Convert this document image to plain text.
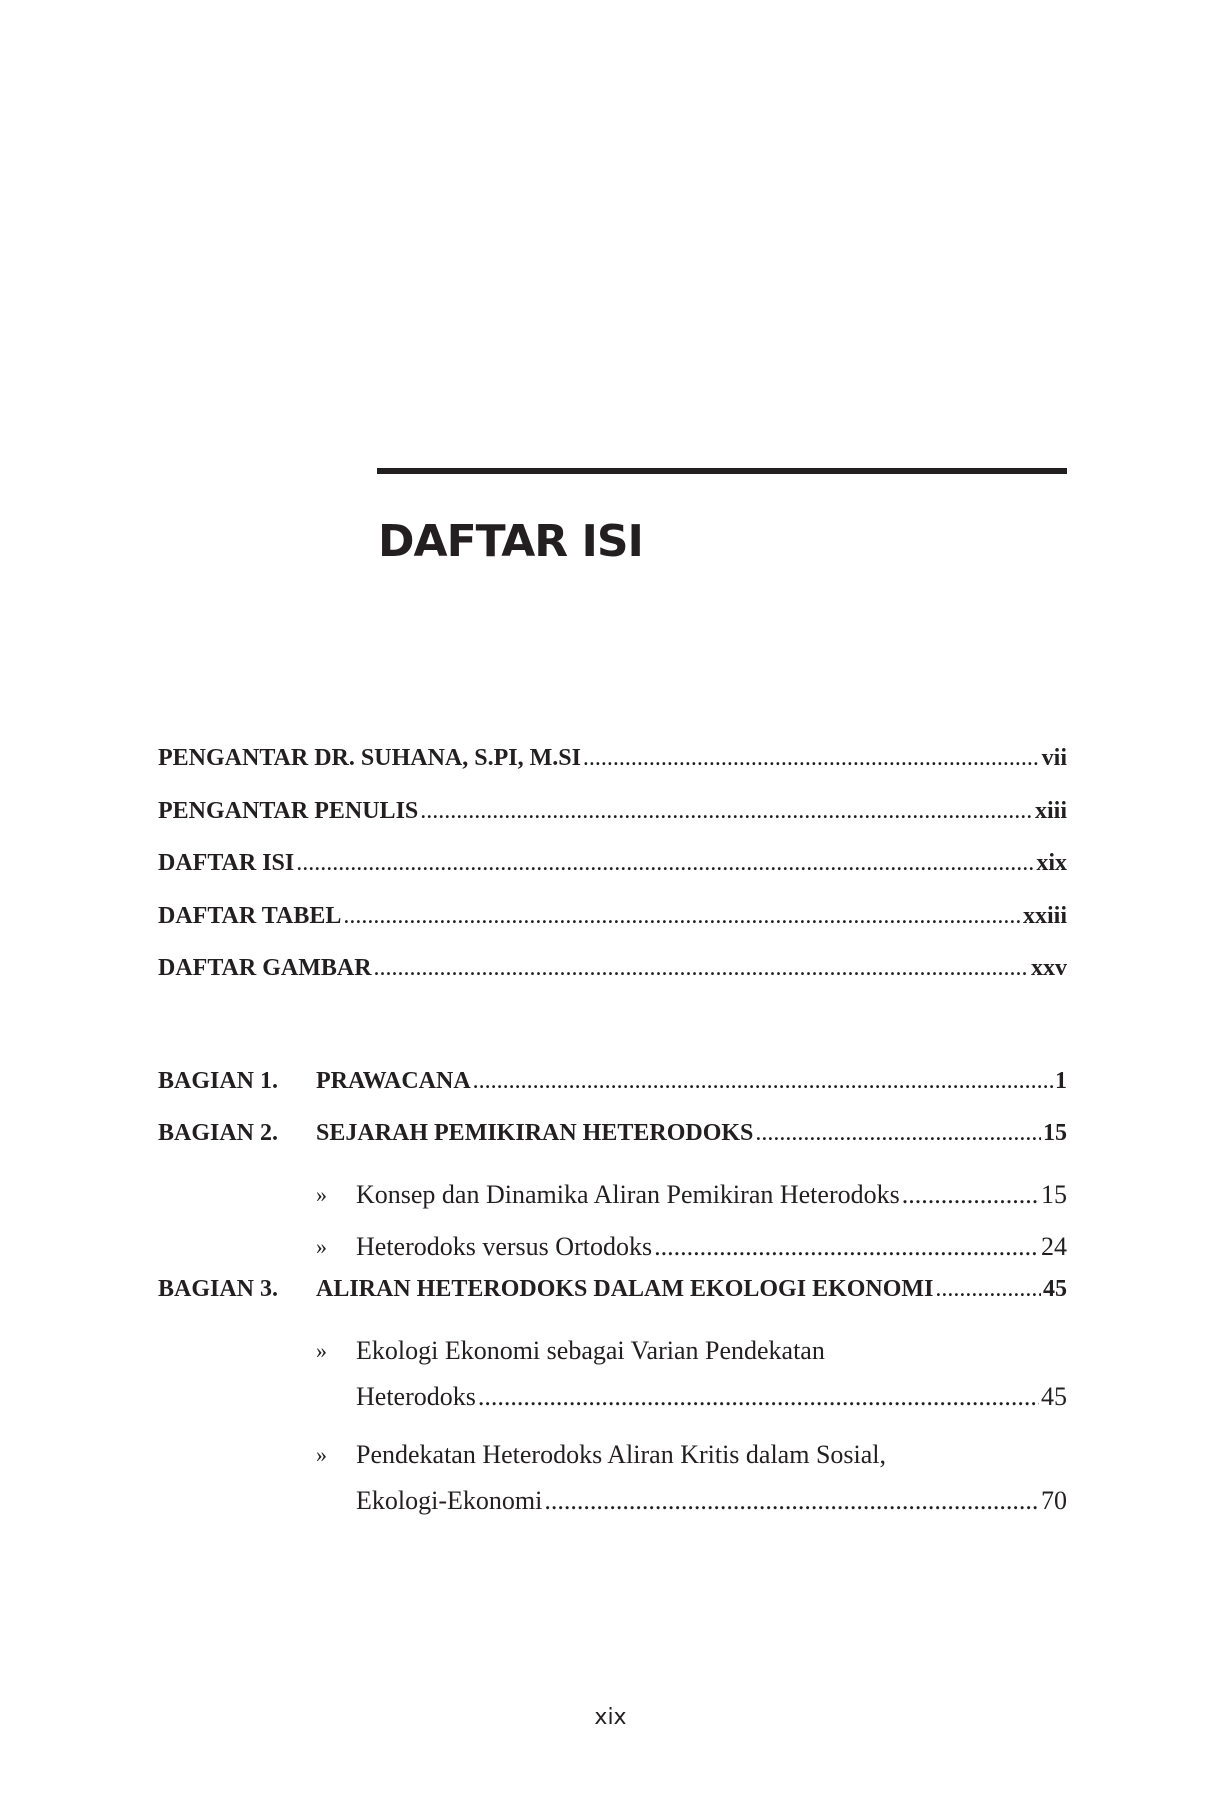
DAFTAR ISI
PENGANTAR DR. SUHANA, S.PI, M.SI .....	vii
PENGANTAR PENULIS .....	xiii
DAFTAR ISI .....	xix
DAFTAR TABEL .....	xxiii
DAFTAR GAMBAR .....	xxv
BAGIAN 1.	PRAWACANA .....	1
BAGIAN 2.	SEJARAH PEMIKIRAN HETERODOKS .....	15
»	Konsep dan Dinamika Aliran Pemikiran Heterodoks .....	15
»	Heterodoks versus Ortodoks .....	24
BAGIAN 3.	ALIRAN HETERODOKS DALAM EKOLOGI EKONOMI .....	45
»	Ekologi Ekonomi sebagai Varian Pendekatan
Heterodoks .....	45
»	Pendekatan Heterodoks Aliran Kritis dalam Sosial,
Ekologi-Ekonomi .....	70
xix
